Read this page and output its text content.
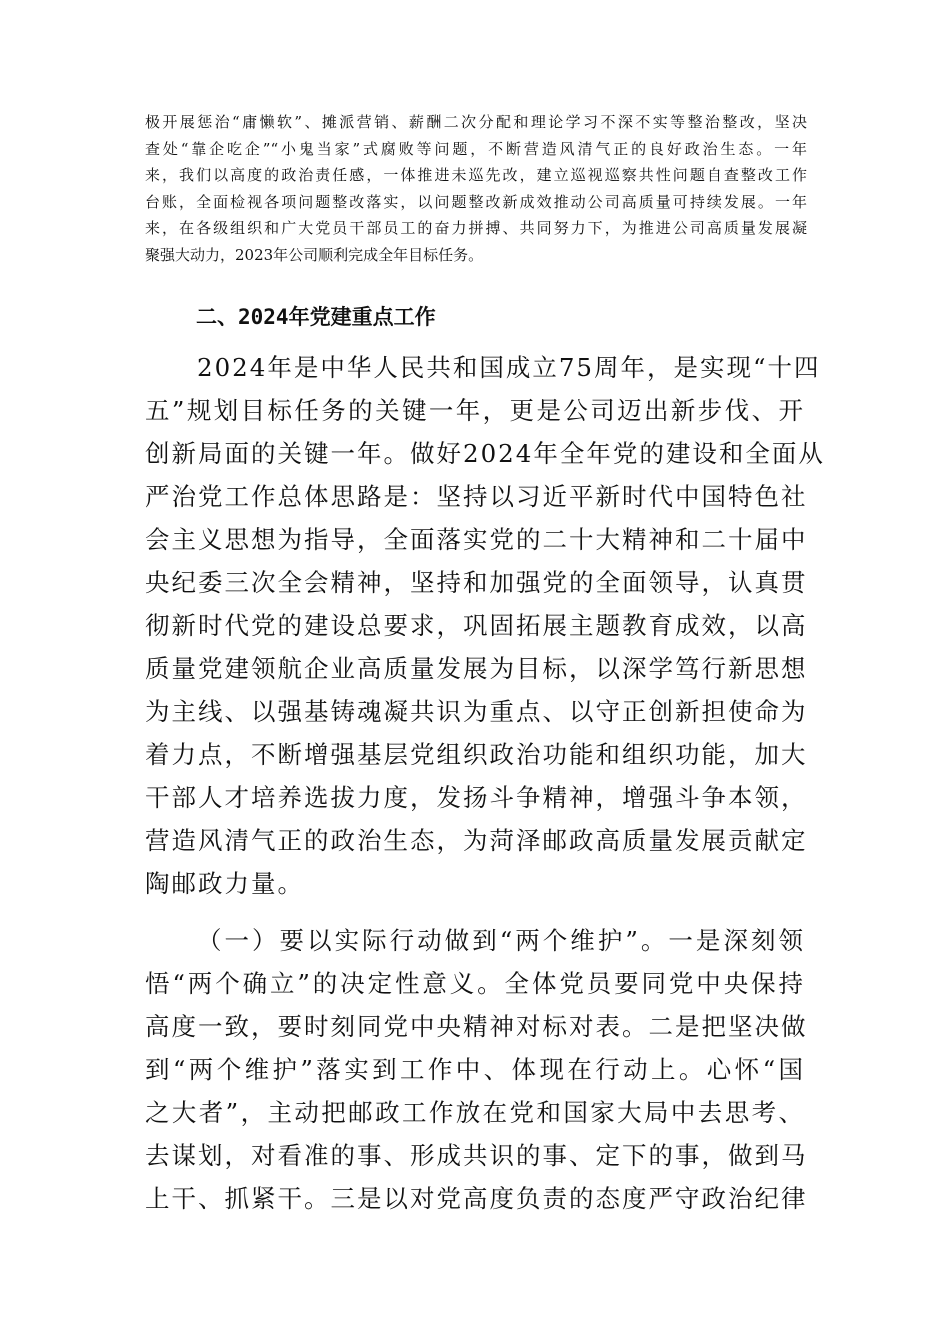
极开展惩治“庸懒软”、摊派营销、薪酬二次分配和理论学习不深不实等整治整改，坚决

查处“靠企吃企”“小鬼当家”式腐败等问题，不断营造风清气正的良好政治生态。一年

来，我们以高度的政治责任感，一体推进未巡先改，建立巡视巡察共性问题自查整改工作

台账，全面检视各项问题整改落实，以问题整改新成效推动公司高质量可持续发展。一年

来，在各级组织和广大党员干部员工的奋力拼搏、共同努力下，为推进公司高质量发展凝

聚强大动力，2023年公司顺利完成全年目标任务。

二、2024年党建重点工作

2024年是中华人民共和国成立75周年，是实现“十四

五”规划目标任务的关键一年，更是公司迈出新步伐、开

创新局面的关键一年。做好2024年全年党的建设和全面从

严治党工作总体思路是：坚持以习近平新时代中国特色社

会主义思想为指导，全面落实党的二十大精神和二十届中

央纪委三次全会精神，坚持和加强党的全面领导，认真贯

彻新时代党的建设总要求，巩固拓展主题教育成效，以高

质量党建领航企业高质量发展为目标，以深学笃行新思想

为主线、以强基铸魂凝共识为重点、以守正创新担使命为

着力点，不断增强基层党组织政治功能和组织功能，加大

干部人才培养选拔力度，发扬斗争精神，增强斗争本领，

营造风清气正的政治生态，为菏泽邮政高质量发展贡献定

陶邮政力量。

（一）要以实际行动做到“两个维护”。一是深刻领

悟“两个确立”的决定性意义。全体党员要同党中央保持

高度一致，要时刻同党中央精神对标对表。二是把坚决做

到“两个维护”落实到工作中、体现在行动上。心怀“国

之大者”，主动把邮政工作放在党和国家大局中去思考、

去谋划，对看准的事、形成共识的事、定下的事，做到马

上干、抓紧干。三是以对党高度负责的态度严守政治纪律
